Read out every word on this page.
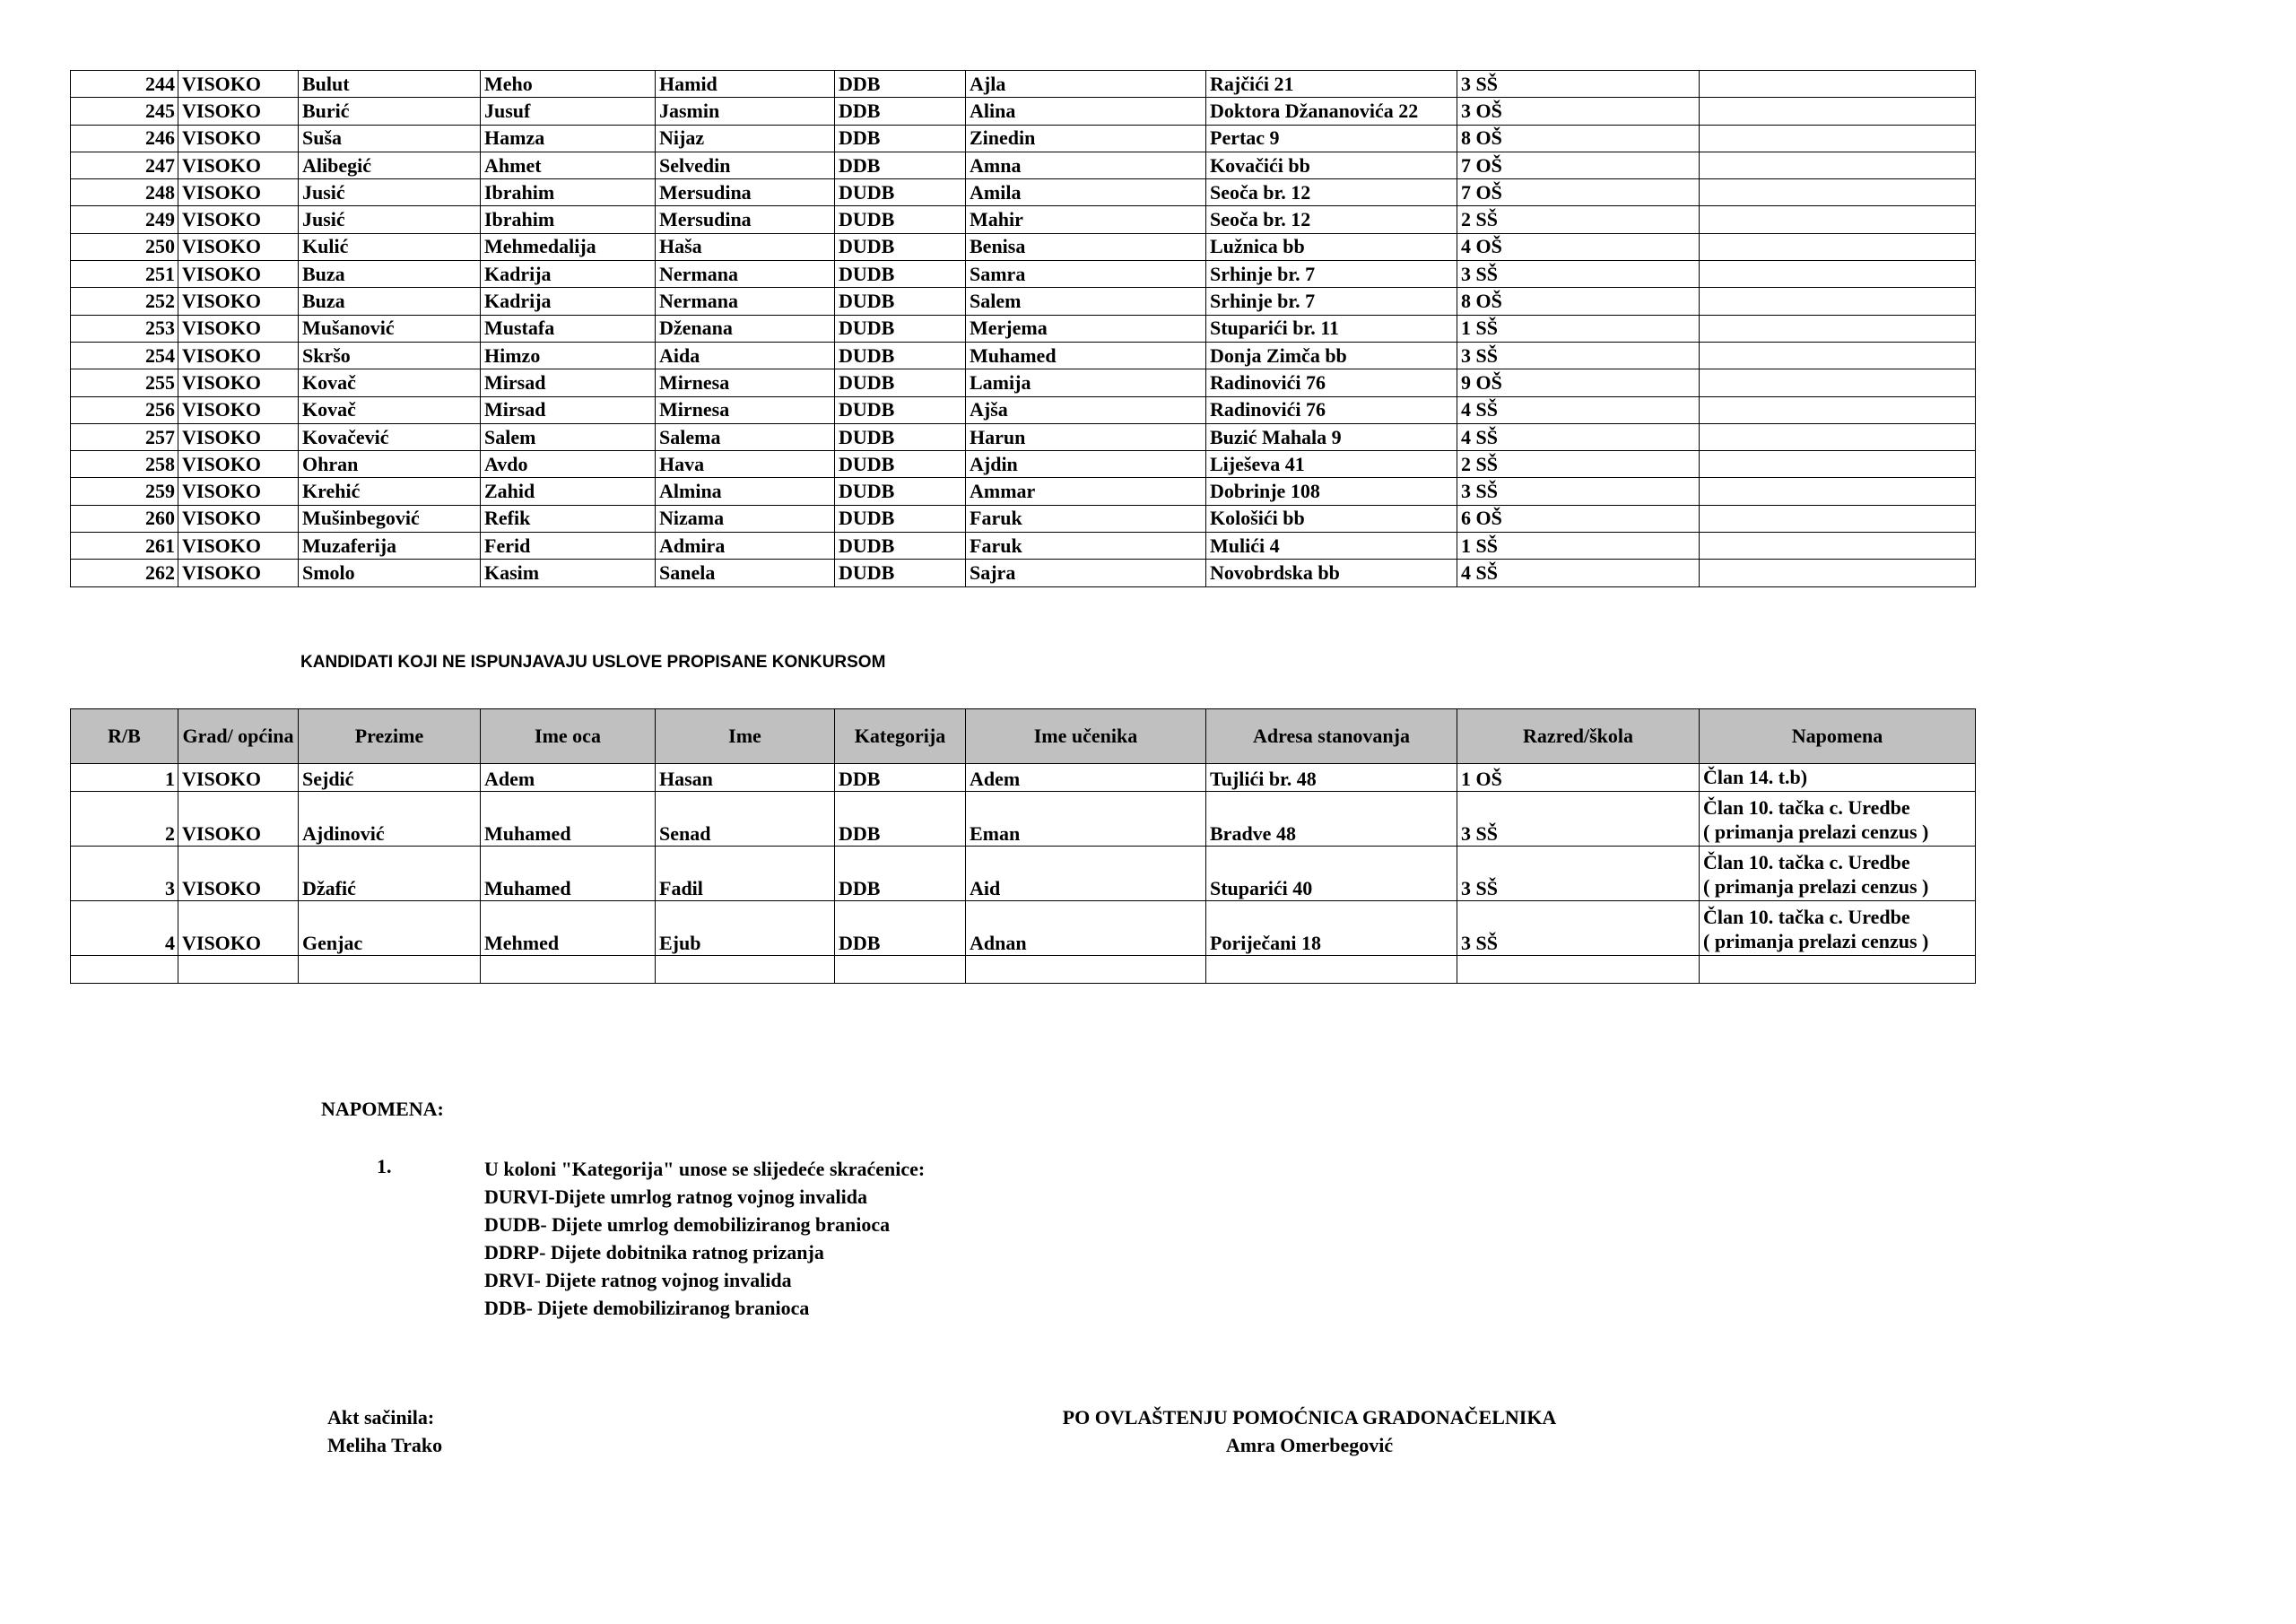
244	VISOKO	Bulut	Meho	Hamid	DDB	Ajla	Rajčići 21	3 SŠ	
245	VISOKO	Burić	Jusuf	Jasmin	DDB	Alina	Doktora Džananovića 22	3 OŠ	
246	VISOKO	Suša	Hamza	Nijaz	DDB	Zinedin	Pertac 9	8 OŠ	
247	VISOKO	Alibegić	Ahmet	Selvedin	DDB	Amna	Kovačići bb	7 OŠ	
248	VISOKO	Jusić	Ibrahim	Mersudina	DUDB	Amila	Seoča br. 12	7 OŠ	
249	VISOKO	Jusić	Ibrahim	Mersudina	DUDB	Mahir	Seoča br. 12	2 SŠ	
250	VISOKO	Kulić	Mehmedalija	Haša	DUDB	Benisa	Lužnica bb	4 OŠ	
251	VISOKO	Buza	Kadrija	Nermana	DUDB	Samra	Srhinje br. 7	3 SŠ	
252	VISOKO	Buza	Kadrija	Nermana	DUDB	Salem	Srhinje br. 7	8 OŠ	
253	VISOKO	Mušanović	Mustafa	Dženana	DUDB	Merjema	Stuparići br. 11	1 SŠ	
254	VISOKO	Skršo	Himzo	Aida	DUDB	Muhamed	Donja Zimča bb	3 SŠ	
255	VISOKO	Kovač	Mirsad	Mirnesa	DUDB	Lamija	Radinovići 76	9 OŠ	
256	VISOKO	Kovač	Mirsad	Mirnesa	DUDB	Ajša	Radinovići 76	4 SŠ	
257	VISOKO	Kovačević	Salem	Salema	DUDB	Harun	Buzić Mahala 9	4 SŠ	
258	VISOKO	Ohran	Avdo	Hava	DUDB	Ajdin	Liješeva 41	2 SŠ	
259	VISOKO	Krehić	Zahid	Almina	DUDB	Ammar	Dobrinje 108	3 SŠ	
260	VISOKO	Mušinbegović	Refik	Nizama	DUDB	Faruk	Kološići bb	6 OŠ	
261	VISOKO	Muzaferija	Ferid	Admira	DUDB	Faruk	Mulići 4	1 SŠ	
262	VISOKO	Smolo	Kasim	Sanela	DUDB	Sajra	Novobrdska bb	4 SŠ	
KANDIDATI KOJI NE ISPUNJAVAJU USLOVE PROPISANE KONKURSOM
R/B	Grad/ općina	Prezime	Ime oca	Ime	Kategorija	Ime učenika	Adresa stanovanja	Razred/škola	Napomena
1	VISOKO	Sejdić	Adem	Hasan	DDB	Adem	Tujlići br. 48	1 OŠ	Član 14. t.b)

2	VISOKO	Ajdinović	Muhamed	Senad	DDB	Eman	Bradve 48	3 SŠ	Član 10. tačka c. Uredbe
( primanja prelazi cenzus )

3	VISOKO	Džafić	Muhamed	Fadil	DDB	Aid	Stuparići 40	3 SŠ	Član 10. tačka c. Uredbe
( primanja prelazi cenzus )

4	VISOKO	Genjac	Mehmed	Ejub	DDB	Adnan	Poriječani 18	3 SŠ	Član 10. tačka c. Uredbe
( primanja prelazi cenzus )

NAPOMENA:
1.	U koloni "Kategorija" unose se slijedeće skraćenice:
DURVI-Dijete umrlog ratnog vojnog invalida
DUDB- Dijete umrlog demobiliziranog branioca
DDRP- Dijete dobitnika ratnog prizanja
DRVI- Dijete ratnog vojnog invalida
DDB- Dijete demobiliziranog branioca
Akt sačinila:
Meliha Trako
PO OVLAŠTENJU POMOĆNICA GRADONAČELNIKA
Amra Omerbegović
